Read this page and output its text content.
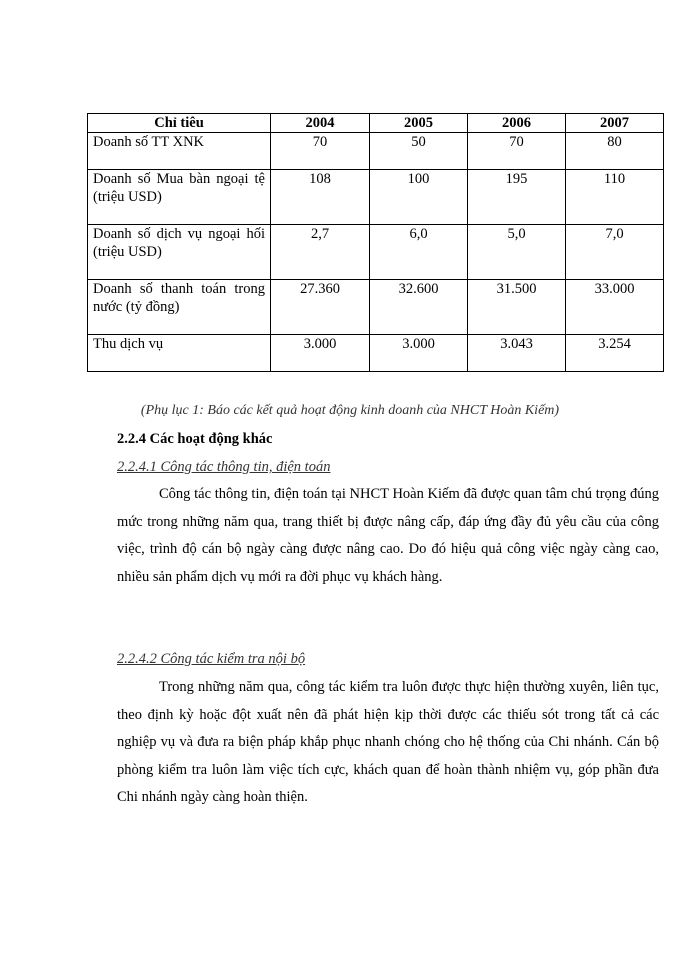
Chỉ tiêu	2004	2005	2006	2007
Doanh số TT XNK	70	50	70	80
Doanh số Mua bàn ngoại tệ (triệu USD)	108	100	195	110
Doanh số dịch vụ ngoại hối (triệu USD)	2,7	6,0	5,0	7,0
Doanh số thanh toán trong nước (tỷ đồng)	27.360	32.600	31.500	33.000
Thu dịch vụ	3.000	3.000	3.043	3.254
(Phụ lục 1: Báo các kết quả hoạt động kinh doanh của NHCT Hoàn Kiếm)
2.2.4 Các hoạt động khác
2.2.4.1 Công tác thông tin, điện toán
Công tác thông tin, điện toán tại NHCT Hoàn Kiếm đã được quan tâm chú trọng đúng mức trong những năm qua, trang thiết bị được nâng cấp, đáp ứng đầy đủ yêu cầu của công việc, trình độ cán bộ ngày càng được nâng cao. Do đó hiệu quả công việc ngày càng cao, nhiều sản phẩm dịch vụ mới ra đời phục vụ khách hàng.
2.2.4.2 Công tác kiểm tra nội bộ
Trong những năm qua, công tác kiểm tra luôn được thực hiện thường xuyên, liên tục, theo định kỳ hoặc đột xuất nên đã phát hiện kịp thời được các thiếu sót trong tất cả các nghiệp vụ và đưa ra biện pháp khắp phục nhanh chóng cho hệ thống của Chi nhánh. Cán bộ phòng kiểm tra luôn làm việc tích cực, khách quan để hoàn thành nhiệm vụ, góp phần đưa Chi nhánh ngày càng hoàn thiện.
